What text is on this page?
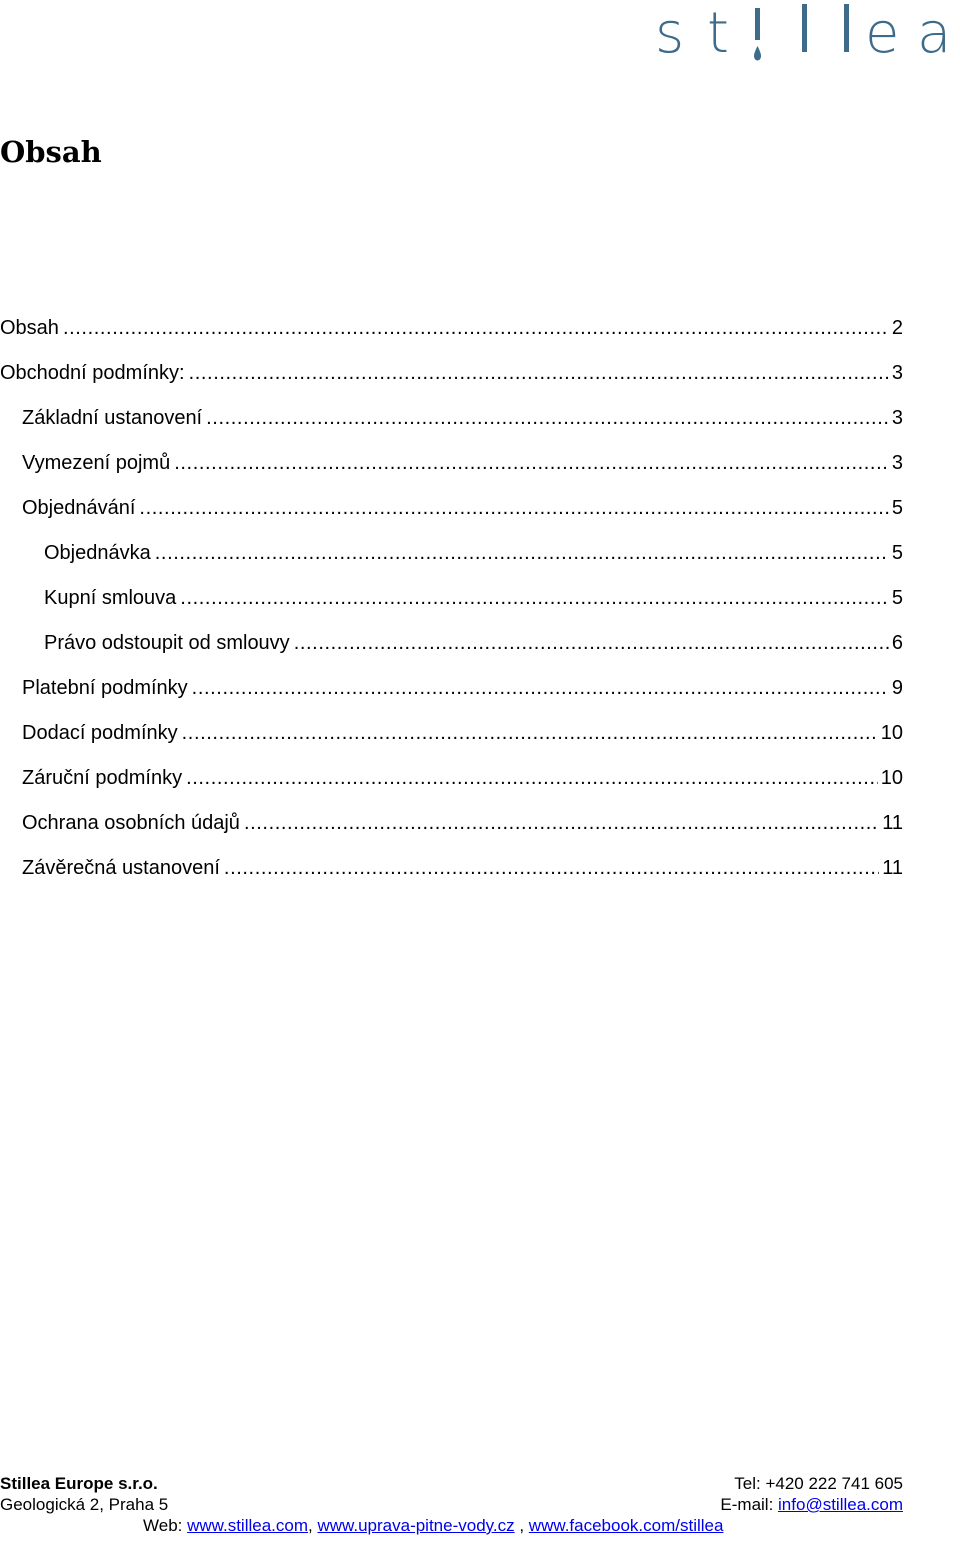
s t e a
Obsah
Obsah .....	2
Obchodní podmínky: .....	3
Základní ustanovení .....	3
Vymezení pojmů .....	3
Objednávání .....	5
Objednávka .....	5
Kupní smlouva .....	5
Právo odstoupit od smlouvy .....	6
Platební podmínky .....	9
Dodací podmínky .....	10
Záruční podmínky .....	10
Ochrana osobních údajů .....	11
Závěrečná ustanovení .....	11
Stillea Europe s.r.o.	Tel: +420 222 741 605
Geologická 2, Praha 5	E-mail: info@stillea.com
Web: www.stillea.com, www.uprava-pitne-vody.cz , www.facebook.com/stillea
